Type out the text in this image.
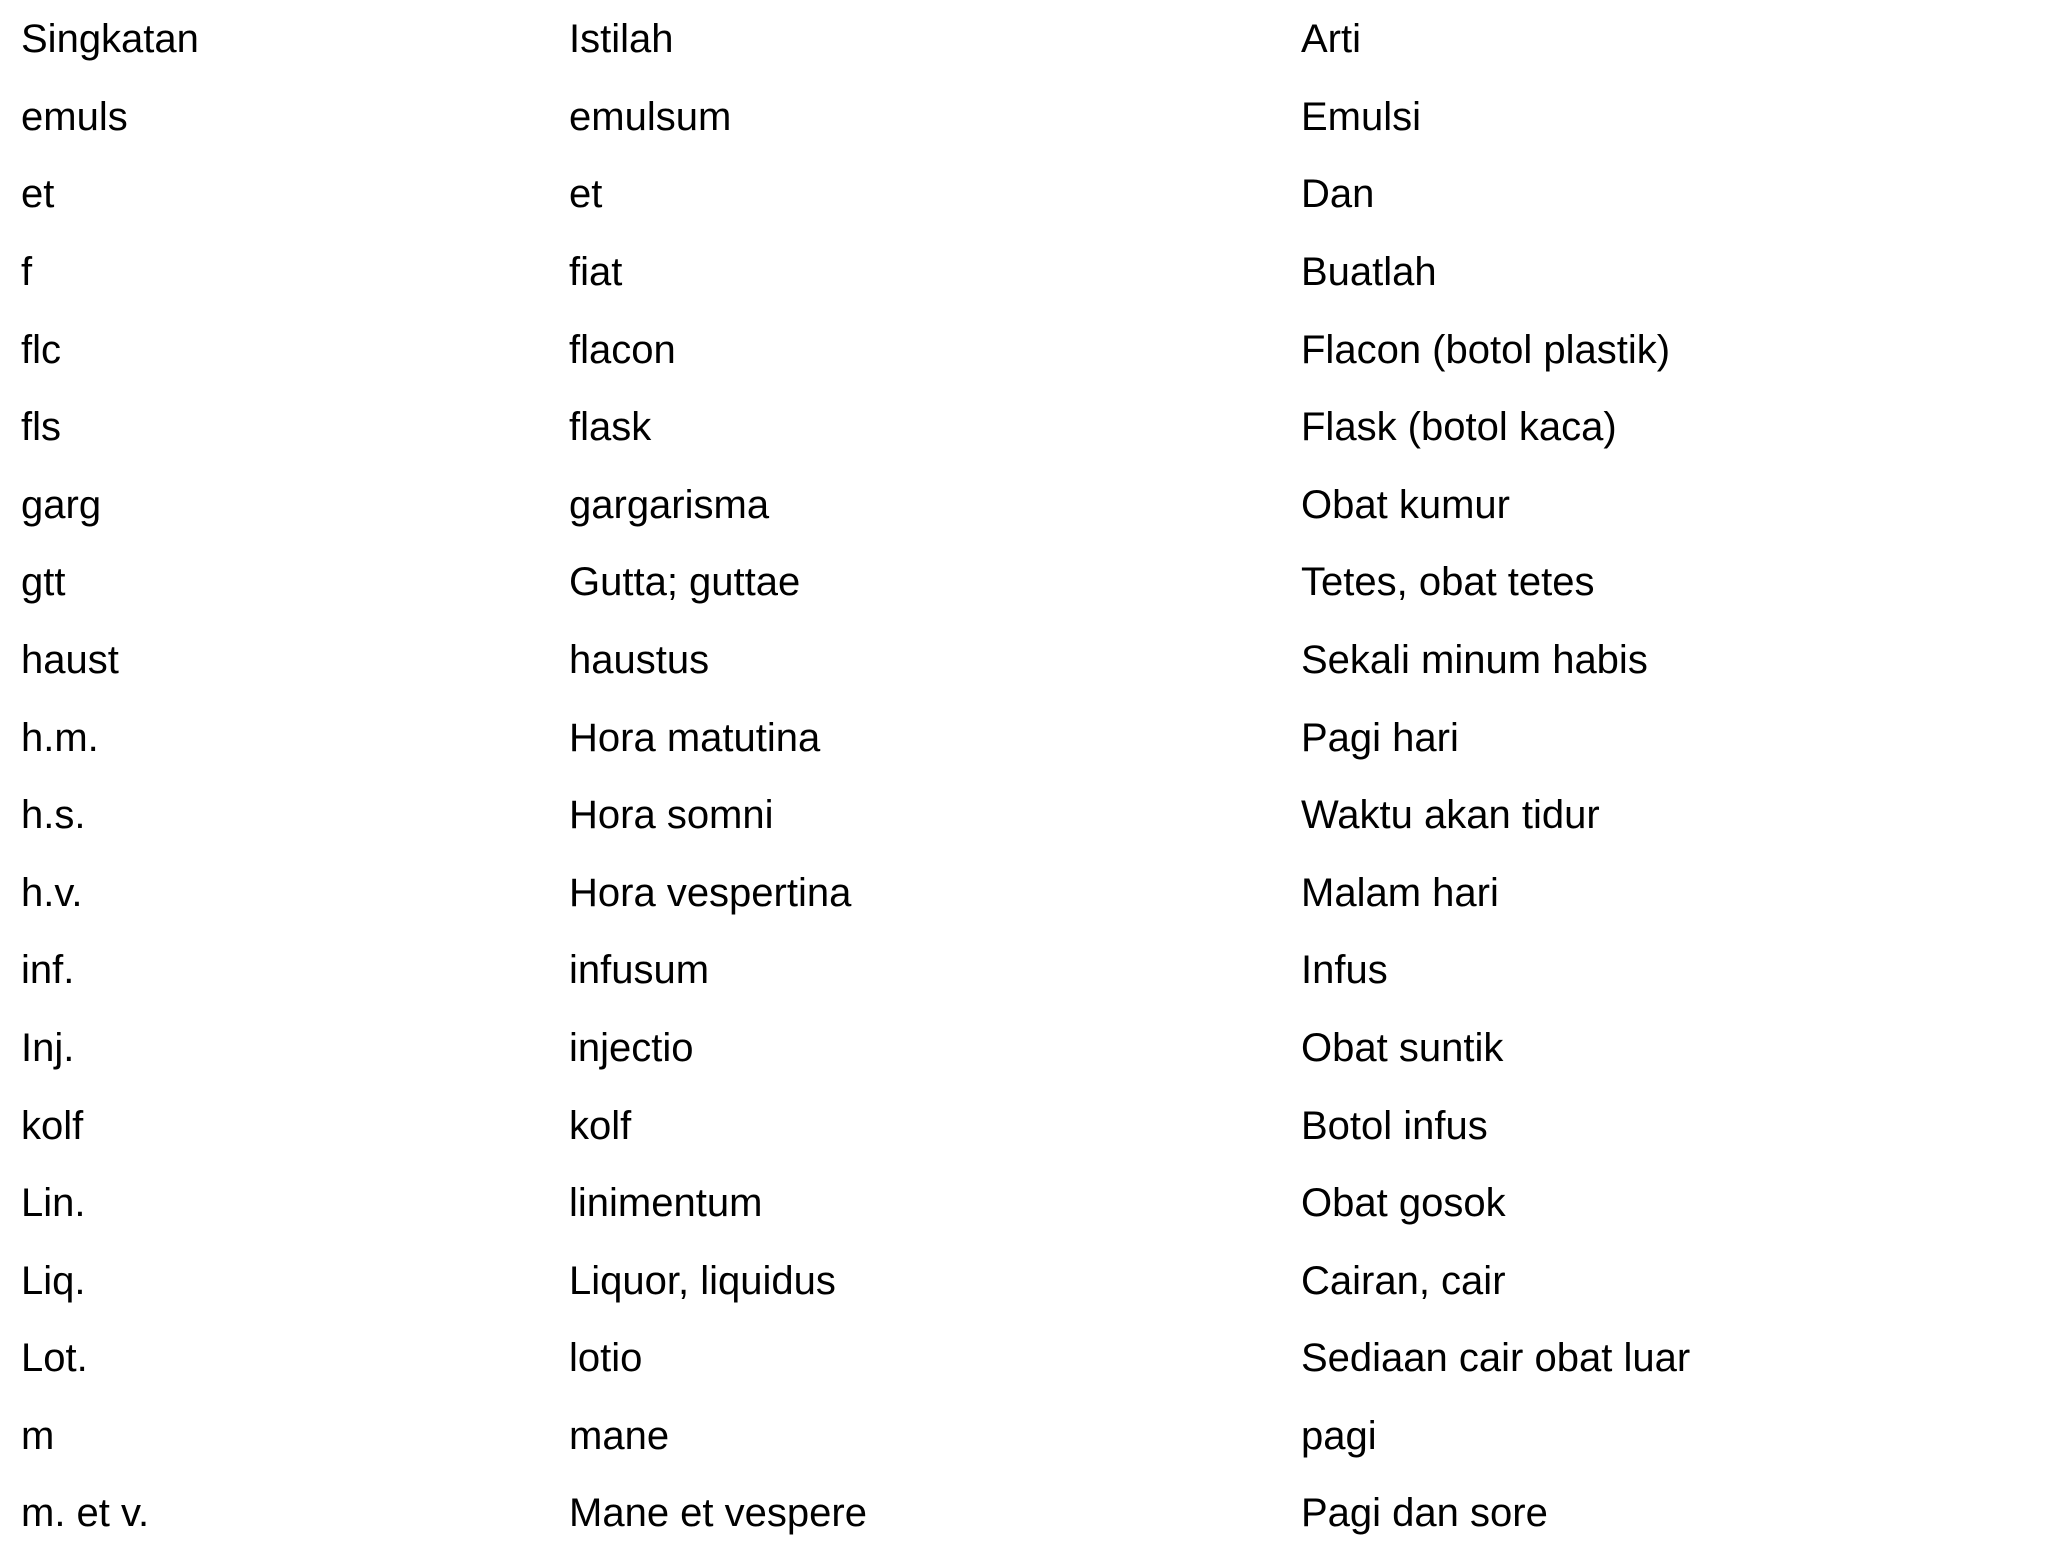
Singkatan	Istilah	Arti
emuls	emulsum	Emulsi
et	et	Dan
f	fiat	Buatlah
flc	flacon	Flacon (botol plastik)
fls	flask	Flask (botol kaca)
garg	gargarisma	Obat kumur
gtt	Gutta; guttae	Tetes, obat tetes
haust	haustus	Sekali minum habis
h.m.	Hora matutina	Pagi hari
h.s.	Hora somni	Waktu akan tidur
h.v.	Hora vespertina	Malam hari
inf.	infusum	Infus
Inj.	injectio	Obat suntik
kolf	kolf	Botol infus
Lin.	linimentum	Obat gosok
Liq.	Liquor, liquidus	Cairan, cair
Lot.	lotio	Sediaan cair obat luar
m	mane	pagi
m. et v.	Mane et vespere	Pagi dan sore
